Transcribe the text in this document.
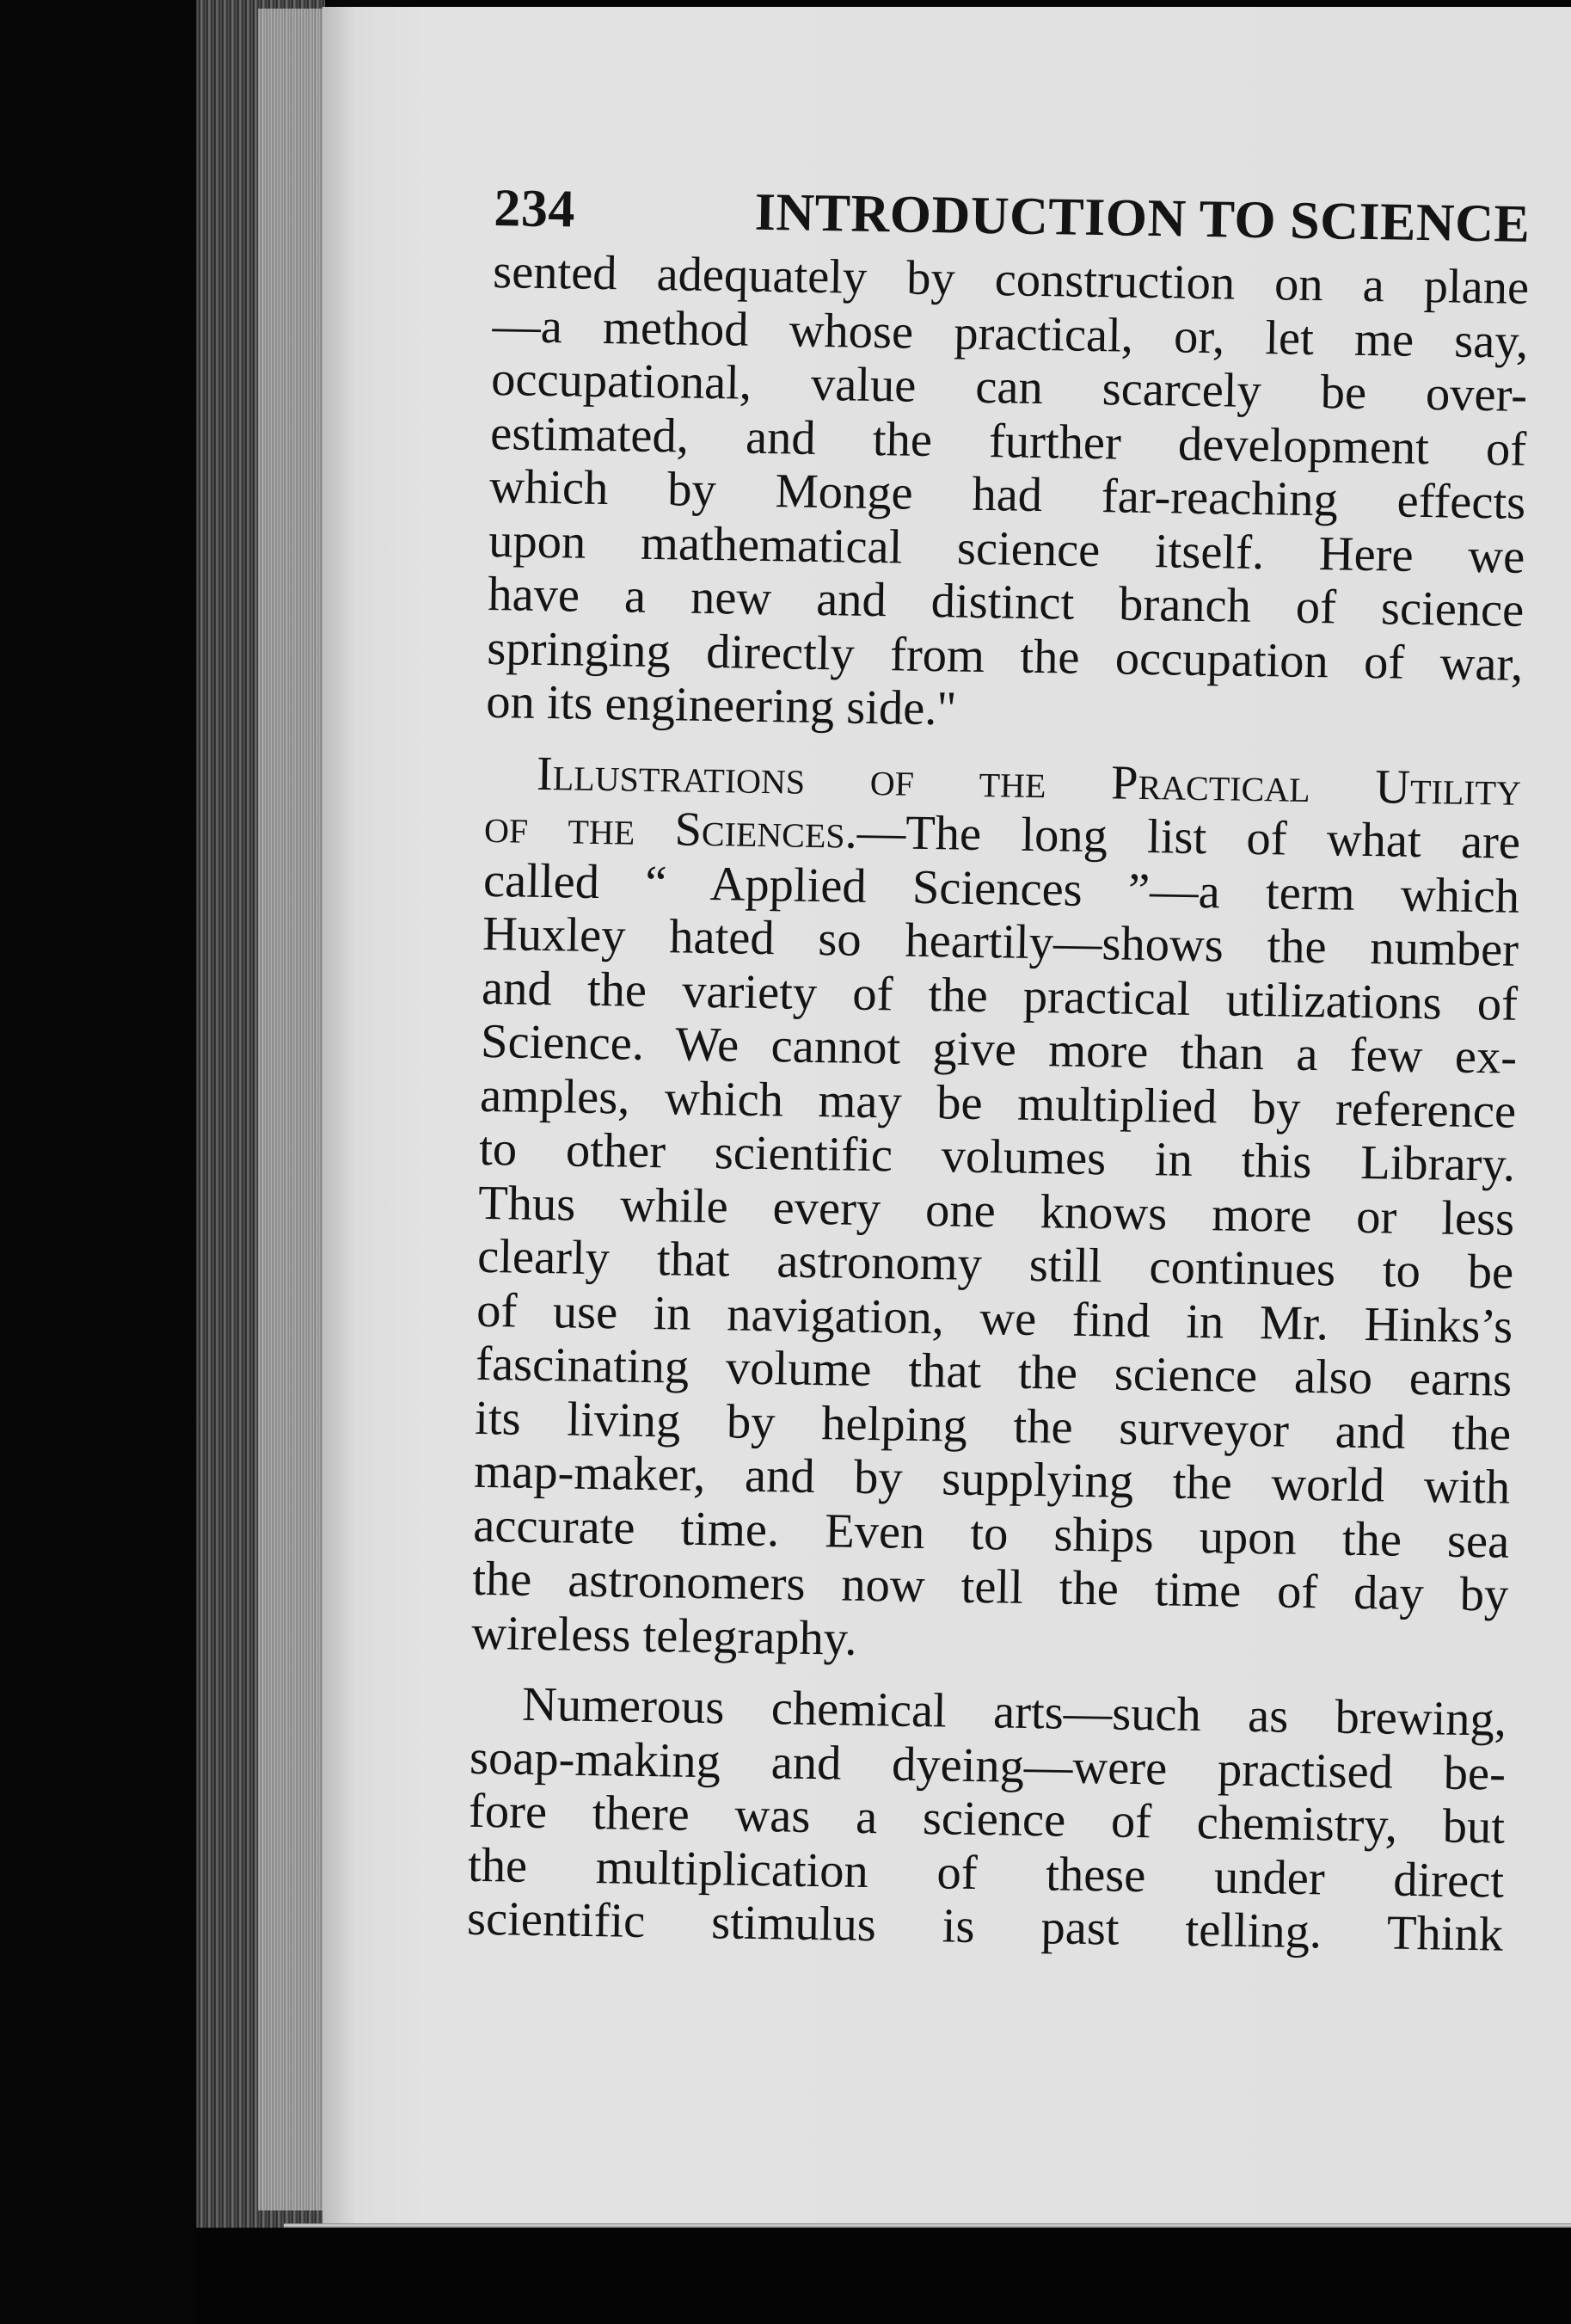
234	INTRODUCTION TO SCIENCE
sented adequately by construction on a plane
—a method whose practical, or, let me say,
occupational, value can scarcely be over-
estimated, and the further development of
which by Monge had far-reaching effects
upon mathematical science itself. Here we
have a new and distinct branch of science
springing directly from the occupation of war,
on its engineering side."
Illustrations of the Practical Utility
of the Sciences.—The long list of what are
called “ Applied Sciences ”—a term which
Huxley hated so heartily—shows the number
and the variety of the practical utilizations of
Science. We cannot give more than a few ex-
amples, which may be multiplied by reference
to other scientific volumes in this Library.
Thus while every one knows more or less
clearly that astronomy still continues to be
of use in navigation, we find in Mr. Hinks’s
fascinating volume that the science also earns
its living by helping the surveyor and the
map-maker, and by supplying the world with
accurate time. Even to ships upon the sea
the astronomers now tell the time of day by
wireless telegraphy.
Numerous chemical arts—such as brewing,
soap-making and dyeing—were practised be-
fore there was a science of chemistry, but
the multiplication of these under direct
scientific stimulus is past telling. Think
